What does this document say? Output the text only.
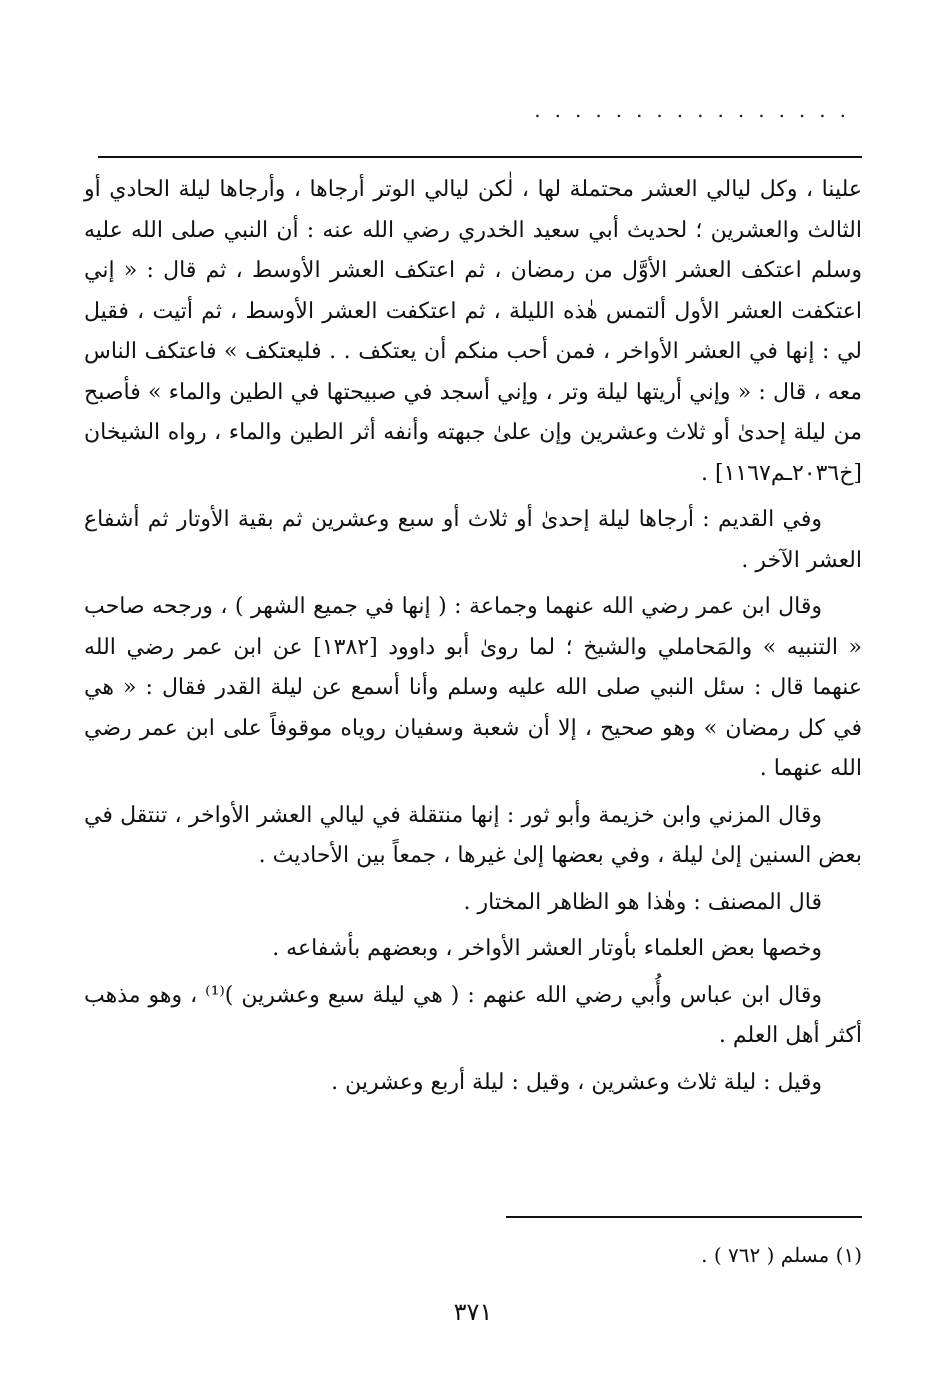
................

علينا ، وكل ليالي العشر محتملة لها ، لٰكن ليالي الوتر أرجاها ، وأرجاها ليلة الحادي أو الثالث والعشرين ؛ لحديث أبي سعيد الخدري رضي الله عنه : أن النبي صلى الله عليه وسلم اعتكف العشر الأوَّل من رمضان ، ثم اعتكف العشر الأوسط ، ثم قال : « إني اعتكفت العشر الأول ألتمس هٰذه الليلة ، ثم اعتكفت العشر الأوسط ، ثم أتيت ، فقيل لي : إنها في العشر الأواخر ، فمن أحب منكم أن يعتكف . . فليعتكف » فاعتكف الناس معه ، قال : « وإني أريتها ليلة وتر ، وإني أسجد في صبيحتها في الطين والماء » فأصبح من ليلة إحدىٰ أو ثلاث وعشرين وإن علىٰ جبهته وأنفه أثر الطين والماء ، رواه الشيخان [خ٢٠٣٦ـم١١٦٧] .

وفي القديم : أرجاها ليلة إحدىٰ أو ثلاث أو سبع وعشرين ثم بقية الأوتار ثم أشفاع العشر الآخر .

وقال ابن عمر رضي الله عنهما وجماعة : ( إنها في جميع الشهر ) ، ورجحه صاحب « التنبيه » والمَحاملي والشيخ ؛ لما روىٰ أبو داوود [١٣٨٢] عن ابن عمر رضي الله عنهما قال : سئل النبي صلى الله عليه وسلم وأنا أسمع عن ليلة القدر فقال : « هي في كل رمضان » وهو صحيح ، إلا أن شعبة وسفيان روياه موقوفاً على ابن عمر رضي الله عنهما .

وقال المزني وابن خزيمة وأبو ثور : إنها منتقلة في ليالي العشر الأواخر ، تنتقل في بعض السنين إلىٰ ليلة ، وفي بعضها إلىٰ غيرها ، جمعاً بين الأحاديث .

قال المصنف : وهٰذا هو الظاهر المختار .

وخصها بعض العلماء بأوتار العشر الأواخر ، وبعضهم بأشفاعه .

وقال ابن عباس وأُبي رضي الله عنهم : ( هي ليلة سبع وعشرين )⁽¹⁾ ، وهو مذهب أكثر أهل العلم .

وقيل : ليلة ثلاث وعشرين ، وقيل : ليلة أربع وعشرين .

(١) مسلم ( ٧٦٢ ) .
٣٧١
